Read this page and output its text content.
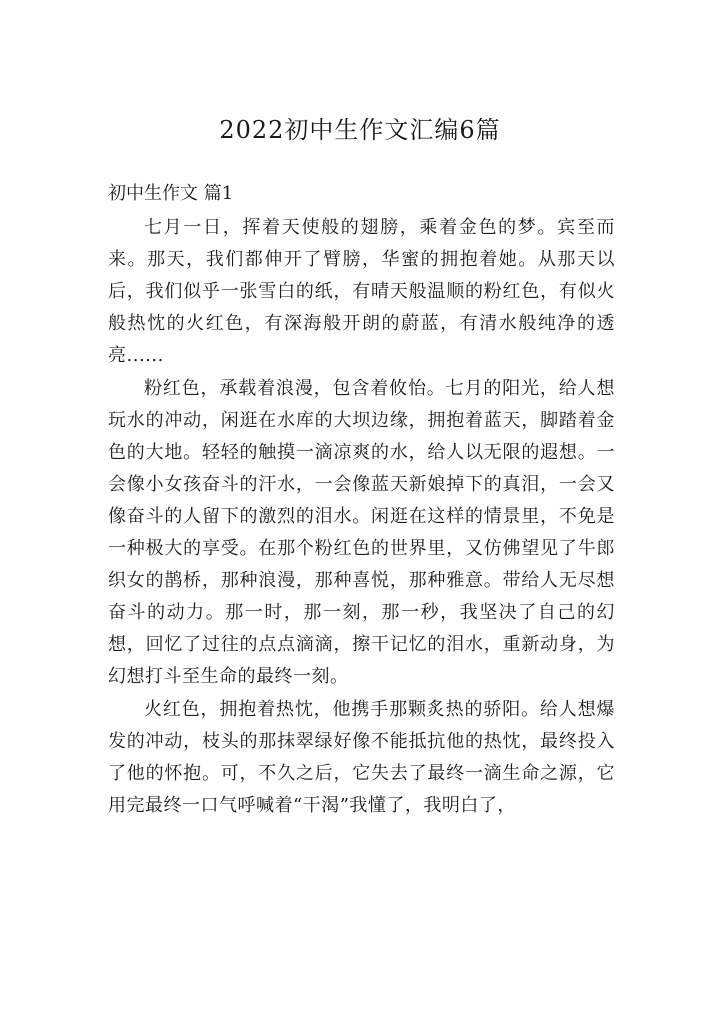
2022初中生作文汇编6篇
初中生作文 篇1

七月一日，挥着天使般的翅膀，乘着金色的梦。宾至而来。那天，我们都伸开了臂膀，华蜜的拥抱着她。从那天以后，我们似乎一张雪白的纸，有晴天般温顺的粉红色，有似火般热忱的火红色，有深海般开朗的蔚蓝，有清水般纯净的透亮......

粉红色，承载着浪漫，包含着攸怡。七月的阳光，给人想玩水的冲动，闲逛在水库的大坝边缘，拥抱着蓝天，脚踏着金色的大地。轻轻的触摸一滴凉爽的水，给人以无限的遐想。一会像小女孩奋斗的汗水，一会像蓝天新娘掉下的真泪，一会又像奋斗的人留下的激烈的泪水。闲逛在这样的情景里，不免是一种极大的享受。在那个粉红色的世界里，又仿佛望见了牛郎织女的鹊桥，那种浪漫，那种喜悦，那种雅意。带给人无尽想奋斗的动力。那一时，那一刻，那一秒，我坚决了自己的幻想，回忆了过往的点点滴滴，擦干记忆的泪水，重新动身，为幻想打斗至生命的最终一刻。

火红色，拥抱着热忱，他携手那颗炙热的骄阳。给人想爆发的冲动，枝头的那抹翠绿好像不能抵抗他的热忱，最终投入了他的怀抱。可，不久之后，它失去了最终一滴生命之源，它用完最终一口气呼喊着“干渴”我懂了，我明白了，
